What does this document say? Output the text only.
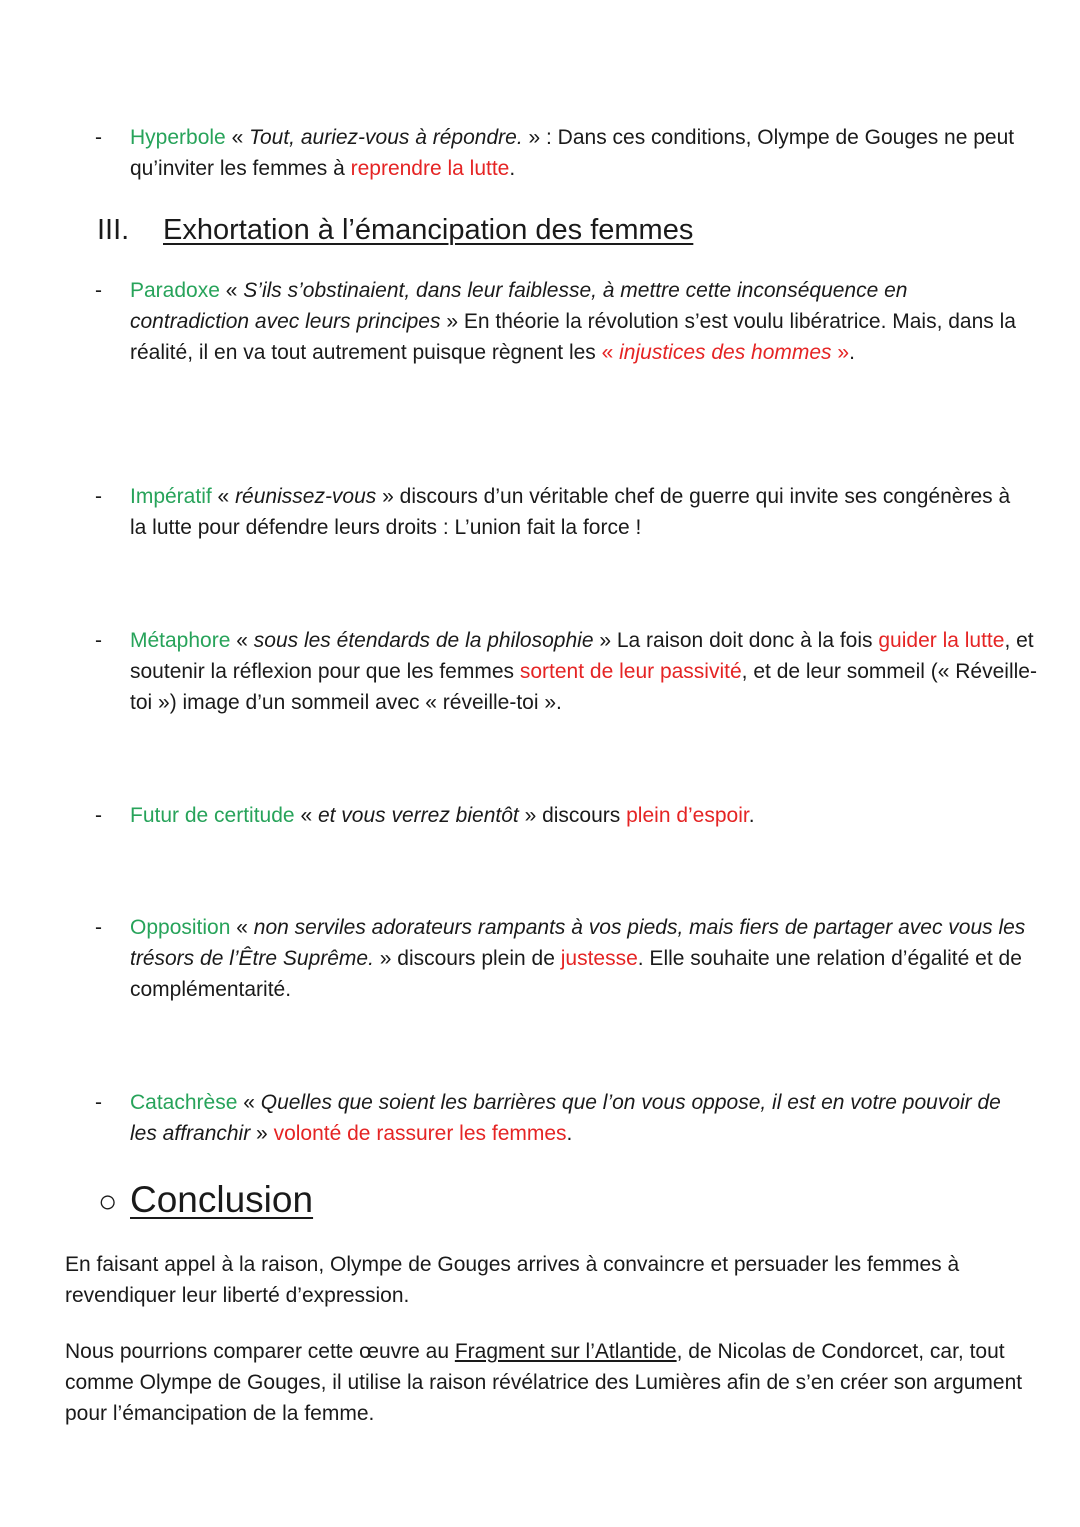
-	Hyperbole « Tout, auriez-vous à répondre. » : Dans ces conditions, Olympe de Gouges ne peut qu’inviter les femmes à reprendre la lutte.
III. Exhortation à l’émancipation des femmes
-	Paradoxe « S’ils s’obstinaient, dans leur faiblesse, à mettre cette inconséquence en contradiction avec leurs principes » En théorie la révolution s’est voulu libératrice. Mais, dans la réalité, il en va tout autrement puisque règnent les « injustices des hommes ».
-	Impératif « réunissez-vous » discours d’un véritable chef de guerre qui invite ses congénères à la lutte pour défendre leurs droits : L’union fait la force !
-	Métaphore « sous les étendards de la philosophie » La raison doit donc à la fois guider la lutte, et soutenir la réflexion pour que les femmes sortent de leur passivité, et de leur sommeil (« Réveille-toi ») image d’un sommeil avec « réveille-toi ».
-	Futur de certitude « et vous verrez bientôt » discours plein d’espoir.
-	Opposition « non serviles adorateurs rampants à vos pieds, mais fiers de partager avec vous les trésors de l’Être Suprême. » discours plein de justesse. Elle souhaite une relation d’égalité et de complémentarité.
-	Catachrèse « Quelles que soient les barrières que l’on vous oppose, il est en votre pouvoir de les affranchir » volonté de rassurer les femmes.
○ Conclusion
En faisant appel à la raison, Olympe de Gouges arrives à convaincre et persuader les femmes à revendiquer leur liberté d’expression.
Nous pourrions comparer cette œuvre au Fragment sur l’Atlantide, de Nicolas de Condorcet, car, tout comme Olympe de Gouges, il utilise la raison révélatrice des Lumières afin de s’en créer son argument pour l’émancipation de la femme.
